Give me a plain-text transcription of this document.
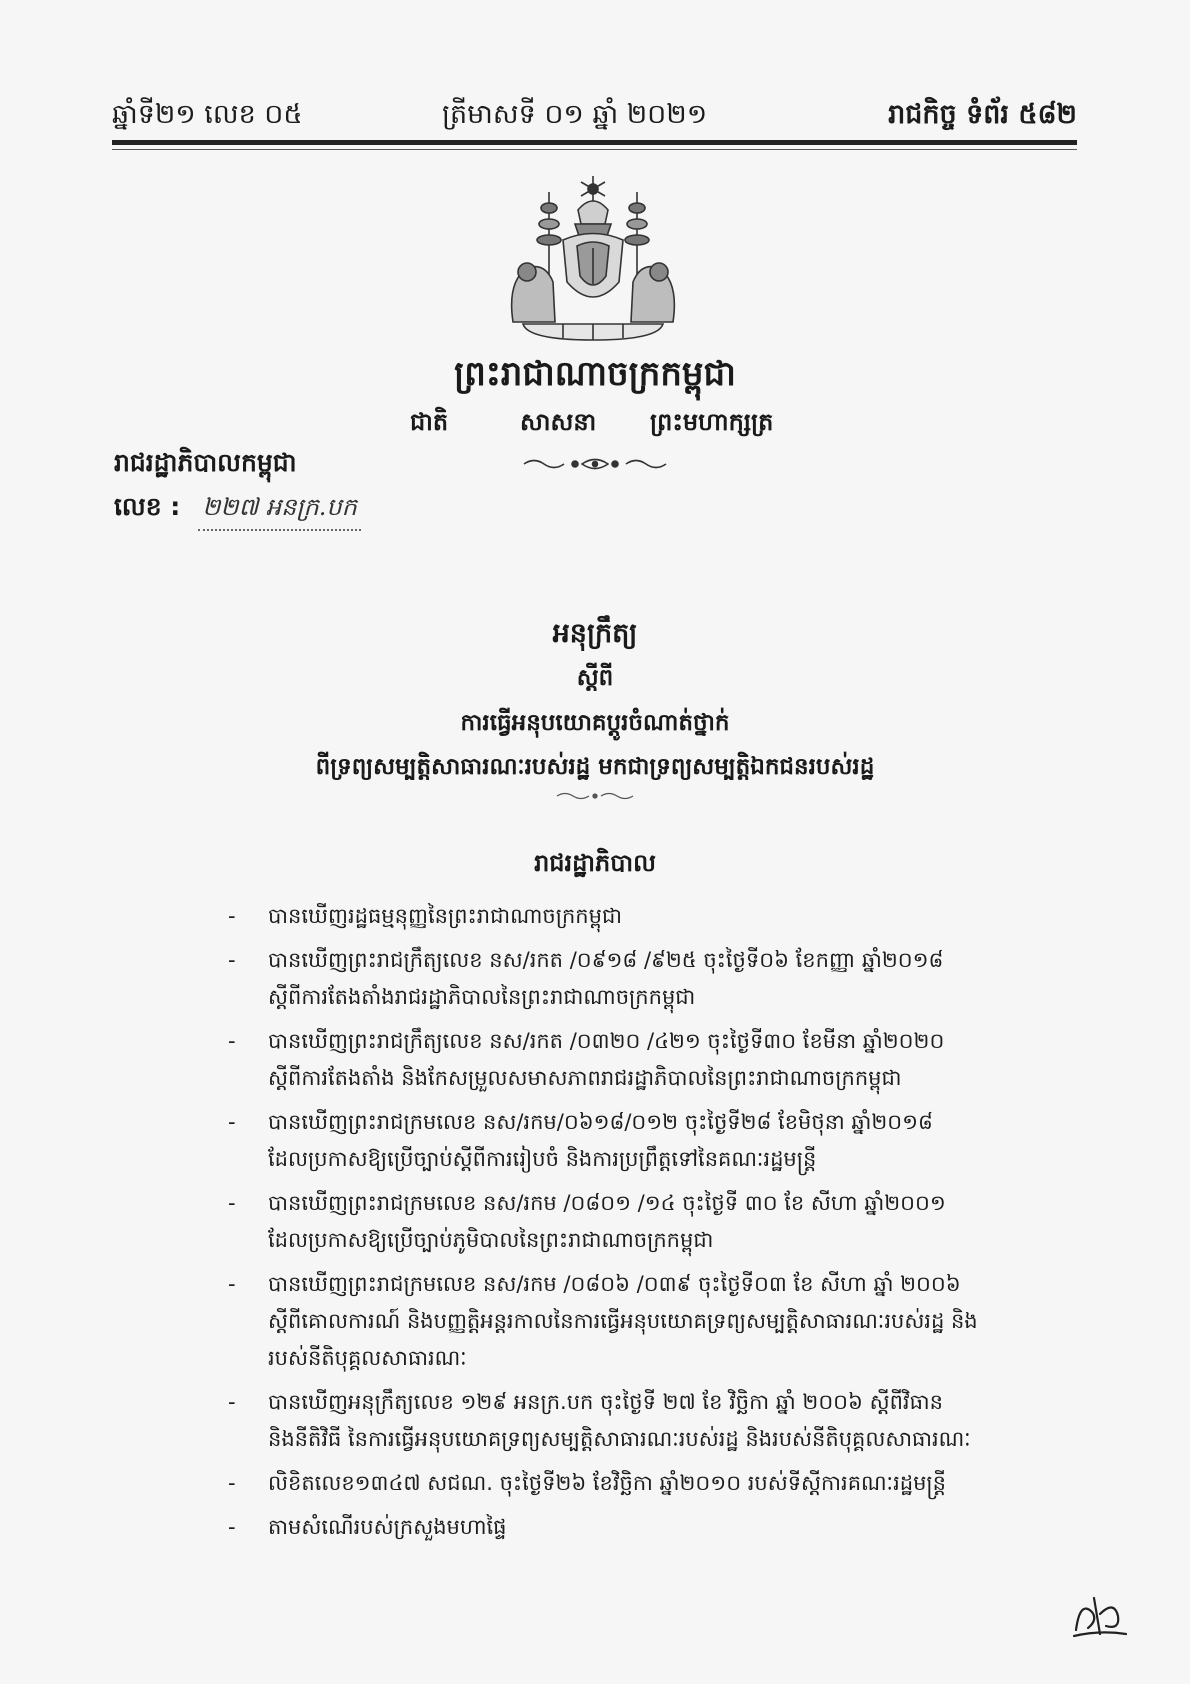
ឆ្នាំទី២១ លេខ ០៥	ត្រីមាសទី ០១ ឆ្នាំ ២០២១	រាជកិច្ច ទំព័រ ៥៨២
ព្រះរាជាណាចក្រកម្ពុជា
ជាតិ	សាសនា ព្រះមហាក្សត្រ
រាជរដ្ឋាភិបាលកម្ពុជា
លេខ : ២២៧ អនក្រ.បក
អនុក្រឹត្យ
ស្តីពី
ការធ្វើអនុបយោគប្តូរចំណាត់ថ្នាក់
ពីទ្រព្យសម្បត្តិសាធារណៈរបស់រដ្ឋ មកជាទ្រព្យសម្បត្តិឯកជនរបស់រដ្ឋ
រាជរដ្ឋាភិបាល
- បានឃើញរដ្ឋធម្មនុញ្ញនៃព្រះរាជាណាចក្រកម្ពុជា
- បានឃើញព្រះរាជក្រឹត្យលេខ នស/រកត /០៩១៨ /៩២៥ ចុះថ្ងៃទី០៦ ខែកញ្ញា ឆ្នាំ២០១៨
ស្តីពីការតែងតាំងរាជរដ្ឋាភិបាលនៃព្រះរាជាណាចក្រកម្ពុជា
- បានឃើញព្រះរាជក្រឹត្យលេខ នស/រកត /០៣២០ /៤២១ ចុះថ្ងៃទី៣០ ខែមីនា ឆ្នាំ២០២០
ស្តីពីការតែងតាំង និងកែសម្រួលសមាសភាពរាជរដ្ឋាភិបាលនៃព្រះរាជាណាចក្រកម្ពុជា
- បានឃើញព្រះរាជក្រមលេខ នស/រកម/០៦១៨/០១២ ចុះថ្ងៃទី២៨ ខែមិថុនា ឆ្នាំ២០១៨
ដែលប្រកាសឱ្យប្រើច្បាប់ស្តីពីការរៀបចំ និងការប្រព្រឹត្តទៅនៃគណៈរដ្ឋមន្ត្រី
- បានឃើញព្រះរាជក្រមលេខ នស/រកម /០៨០១ /១៤ ចុះថ្ងៃទី ៣០ ខែ សីហា ឆ្នាំ២០០១
ដែលប្រកាសឱ្យប្រើច្បាប់ភូមិបាលនៃព្រះរាជាណាចក្រកម្ពុជា
- បានឃើញព្រះរាជក្រមលេខ នស/រកម /០៨០៦ /០៣៩ ចុះថ្ងៃទី០៣ ខែ សីហា ឆ្នាំ ២០០៦
ស្តីពីគោលការណ៍ និងបញ្ញត្តិអន្តរកាលនៃការធ្វើអនុបយោគទ្រព្យសម្បត្តិសាធារណៈរបស់រដ្ឋ និង
របស់នីតិបុគ្គលសាធារណៈ
- បានឃើញអនុក្រឹត្យលេខ ១២៩ អនក្រ.បក ចុះថ្ងៃទី ២៧ ខែ វិច្ឆិកា ឆ្នាំ ២០០៦ ស្តីពីវិធាន
និងនីតិវិធី នៃការធ្វើអនុបយោគទ្រព្យសម្បត្តិសាធារណៈរបស់រដ្ឋ និងរបស់នីតិបុគ្គលសាធារណៈ
- លិខិតលេខ១៣៤៧ សជណ. ចុះថ្ងៃទី២៦ ខែវិច្ឆិកា ឆ្នាំ២០១០ របស់ទីស្តីការគណៈរដ្ឋមន្ត្រី
- តាមសំណើរបស់ក្រសួងមហាផ្ទៃ
